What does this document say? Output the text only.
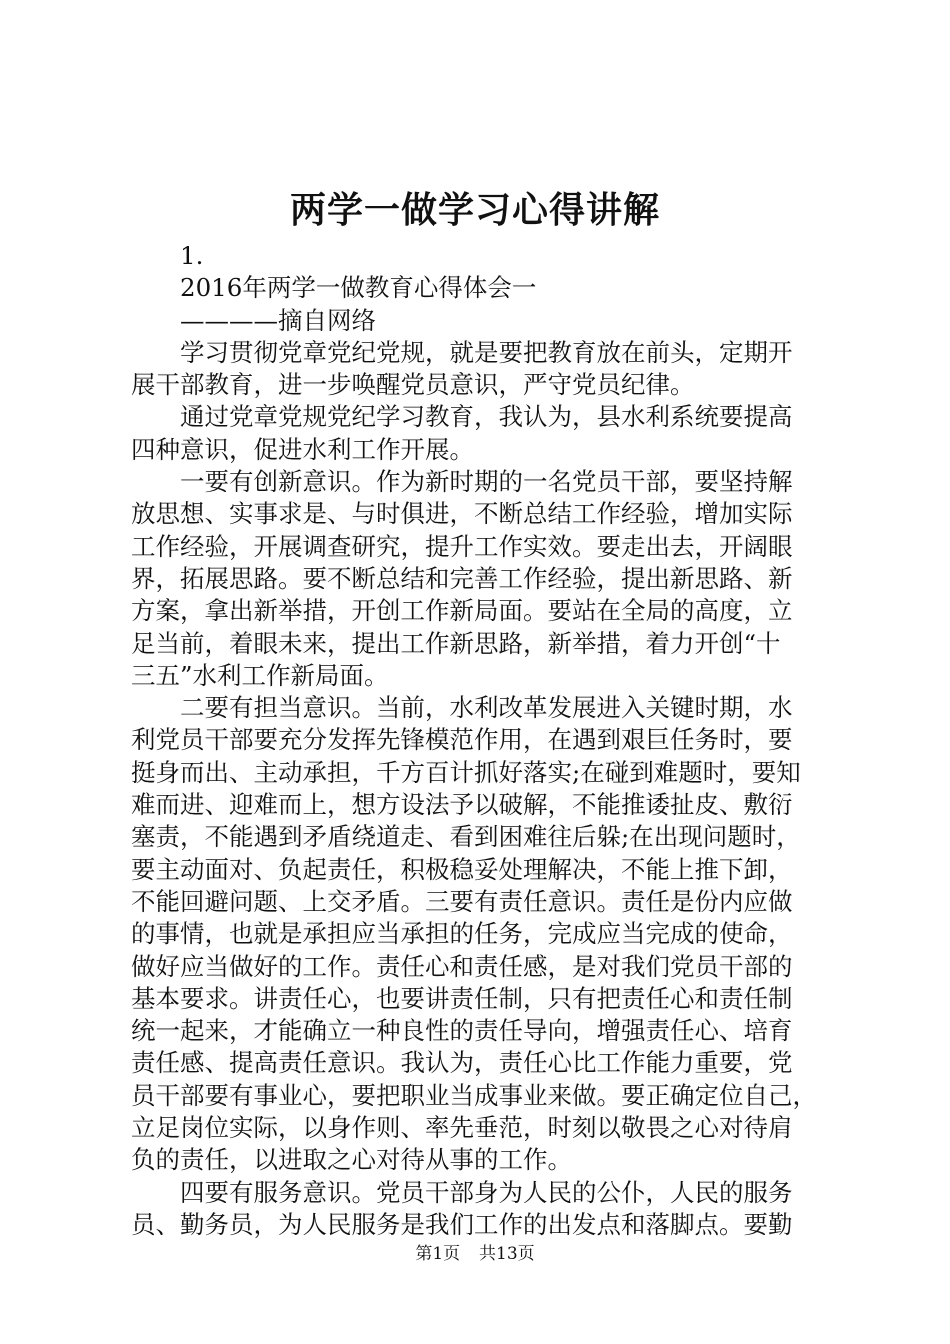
两学一做学习心得讲解
1.
2016年两学一做教育心得体会一
————摘自网络
学习贯彻党章党纪党规，就是要把教育放在前头，定期开
展干部教育，进一步唤醒党员意识，严守党员纪律。
通过党章党规党纪学习教育，我认为，县水利系统要提高
四种意识，促进水利工作开展。
一要有创新意识。作为新时期的一名党员干部，要坚持解
放思想、实事求是、与时俱进，不断总结工作经验，增加实际
工作经验，开展调查研究，提升工作实效。要走出去，开阔眼
界，拓展思路。要不断总结和完善工作经验，提出新思路、新
方案，拿出新举措，开创工作新局面。要站在全局的高度，立
足当前，着眼未来，提出工作新思路，新举措，着力开创“十
三五”水利工作新局面。
二要有担当意识。当前，水利改革发展进入关键时期，水
利党员干部要充分发挥先锋模范作用，在遇到艰巨任务时，要
挺身而出、主动承担，千方百计抓好落实;在碰到难题时，要知
难而进、迎难而上，想方设法予以破解，不能推诿扯皮、敷衍
塞责，不能遇到矛盾绕道走、看到困难往后躲;在出现问题时，
要主动面对、负起责任，积极稳妥处理解决，不能上推下卸，
不能回避问题、上交矛盾。三要有责任意识。责任是份内应做
的事情，也就是承担应当承担的任务，完成应当完成的使命，
做好应当做好的工作。责任心和责任感，是对我们党员干部的
基本要求。讲责任心，也要讲责任制，只有把责任心和责任制
统一起来，才能确立一种良性的责任导向，增强责任心、培育
责任感、提高责任意识。我认为，责任心比工作能力重要，党
员干部要有事业心，要把职业当成事业来做。要正确定位自己，
立足岗位实际，以身作则、率先垂范，时刻以敬畏之心对待肩
负的责任，以进取之心对待从事的工作。
四要有服务意识。党员干部身为人民的公仆，人民的服务
员、勤务员，为人民服务是我们工作的出发点和落脚点。要勤
第1页 共13页
